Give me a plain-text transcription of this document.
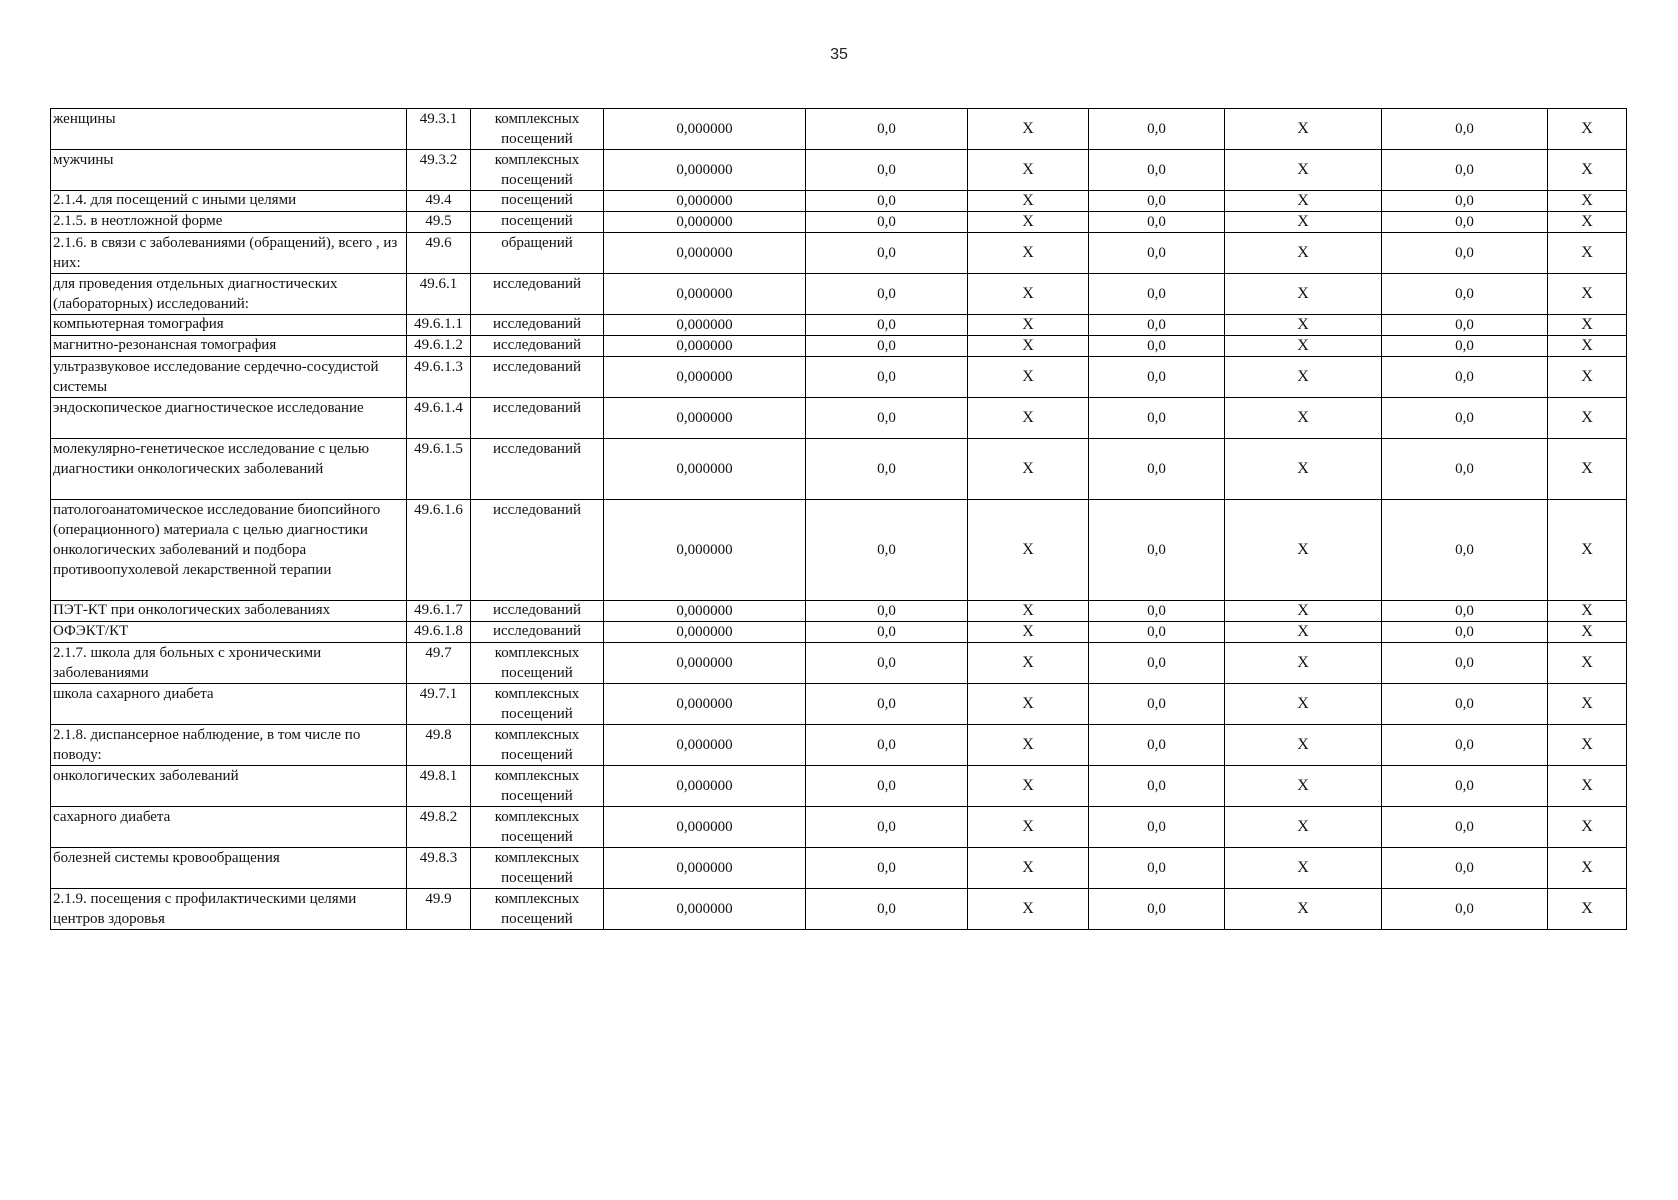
35
женщины	49.3.1	комплексных посещений	0,000000	0,0	X	0,0	X	0,0	X
мужчины	49.3.2	комплексных посещений	0,000000	0,0	X	0,0	X	0,0	X
2.1.4. для посещений с иными целями	49.4	посещений	0,000000	0,0	X	0,0	X	0,0	X
2.1.5. в неотложной форме	49.5	посещений	0,000000	0,0	X	0,0	X	0,0	X
2.1.6. в связи с заболеваниями (обращений), всего , из них:	49.6	обращений	0,000000	0,0	X	0,0	X	0,0	X
для проведения отдельных диагностических (лабораторных) исследований:	49.6.1	исследований	0,000000	0,0	X	0,0	X	0,0	X
компьютерная томография	49.6.1.1	исследований	0,000000	0,0	X	0,0	X	0,0	X
магнитно-резонансная томография	49.6.1.2	исследований	0,000000	0,0	X	0,0	X	0,0	X
ультразвуковое исследование сердечно-сосудистой системы	49.6.1.3	исследований	0,000000	0,0	X	0,0	X	0,0	X
эндоскопическое диагностическое исследование	49.6.1.4	исследований	0,000000	0,0	X	0,0	X	0,0	X
молекулярно-генетическое исследование с целью диагностики онкологических заболеваний	49.6.1.5	исследований	0,000000	0,0	X	0,0	X	0,0	X
патологоанатомическое исследование биопсийного (операционного) материала с целью диагностики онкологических заболеваний и подбора противоопухолевой лекарственной терапии	49.6.1.6	исследований	0,000000	0,0	X	0,0	X	0,0	X
ПЭТ-КТ при онкологических заболеваниях	49.6.1.7	исследований	0,000000	0,0	X	0,0	X	0,0	X
ОФЭКТ/КТ	49.6.1.8	исследований	0,000000	0,0	X	0,0	X	0,0	X
2.1.7. школа для больных с хроническими заболеваниями	49.7	комплексных посещений	0,000000	0,0	X	0,0	X	0,0	X
школа сахарного диабета	49.7.1	комплексных посещений	0,000000	0,0	X	0,0	X	0,0	X
2.1.8. диспансерное наблюдение, в том числе по поводу:	49.8	комплексных посещений	0,000000	0,0	X	0,0	X	0,0	X
онкологических заболеваний	49.8.1	комплексных посещений	0,000000	0,0	X	0,0	X	0,0	X
сахарного диабета	49.8.2	комплексных посещений	0,000000	0,0	X	0,0	X	0,0	X
болезней системы кровообращения	49.8.3	комплексных посещений	0,000000	0,0	X	0,0	X	0,0	X
2.1.9. посещения с профилактическими целями центров здоровья	49.9	комплексных посещений	0,000000	0,0	X	0,0	X	0,0	X
